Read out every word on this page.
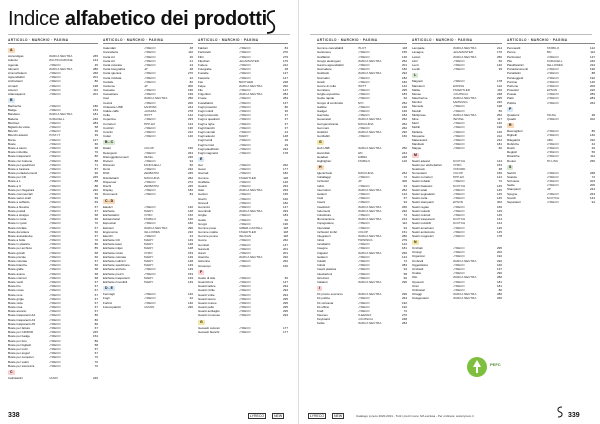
Indice alfabetico dei prodotti
ARTICOLO · MARCHIO · PAGINA
A
Accendigas	MARCA NEUTRA	265
Adesivi	MULTIFUNZIONE	144
Agende	LYRECO	45
Alimenti	MARCA NEUTRA	280
Ammorbidenti	LYRECO	266
Appendiabiti	LYRECO	201
Archiviatori	LYRECO	80
Armadi	LYRECO	198
Astucci	LYRECO	112
Attaccapanni	LYRECO	201
B
Bacheche	LYRECO	180
Badge	LYRECO	154
Bandiere	MARCA NEUTRA	181
Batterie	DURACELL	240
Bicchieri	LYRECO	283
Biglietti da visita	LYRECO	58
Blocchi	LYRECO	36
Blocchi adesivi	POST-IT	39
Borse	LYRECO	127
Buste	LYRECO	66
Buste a sacco	LYRECO	68
Buste imbottite	LYRECO	70
Buste trasparenti	LYRECO	86
Buste con bottone	LYRECO	88
Buste per spedizioni	LYRECO	71
Buste a foratura	LYRECO	87
Buste portadocumenti	LYRECO	90
Buste per CD	LYRECO	245
Buste a L	LYRECO	88
Buste a U	LYRECO	88
Buste per rilegatura	LYRECO	232
Buste commerciali	LYRECO	66
Buste sacco kraft	LYRECO	69
Buste a soffietto	LYRECO	69
Buste a finestra	LYRECO	67
Buste postali	LYRECO	67
Buste a strappo	LYRECO	68
Buste in carta	LYRECO	66
Buste in tyvek	LYRECO	70
Buste riciclate	LYRECO	67
Buste da lettera	LYRECO	66
Buste autoadesive	LYRECO	67
Buste a bolle	LYRECO	70
Buste in plastica	LYRECO	86
Buste per archivio	LYRECO	85
Buste grandi	LYRECO	68
Buste piccole	LYRECO	66
Buste colorate	LYRECO	67
Buste bianche	LYRECO	66
Buste gialle	LYRECO	68
Buste avana	LYRECO	68
Buste marroni	LYRECO	68
Buste verdi	LYRECO	67
Buste blu	LYRECO	67
Buste rosse	LYRECO	67
Buste nere	LYRECO	67
Buste grigie	LYRECO	67
Buste viola	LYRECO	67
Buste rosa	LYRECO	67
Buste arancio	LYRECO	67
Buste trasparenti A4	LYRECO	86
Buste trasparenti A3	LYRECO	86
Buste trasparenti A5	LYRECO	86
Buste per fatture	LYRECO	67
Buste per CD/DVD	LYRECO	245
Buste per badge	LYRECO	154
Buste per foto	LYRECO	86
Buste per biglietti	LYRECO	58
Buste per inviti	LYRECO	67
Buste per auguri	LYRECO	67
Buste per campioni	LYRECO	70
Buste per valori	LYRECO	70
Buste per sicurezza	LYRECO	70
C
Calcolatrici	CASIO	246
ARTICOLO · MARCHIO · PAGINA
Calendari	LYRECO	48
Cancelleria	LYRECO	110
Carta A4	LYRECO	20
Carta A3	LYRECO	21
Carta colorata	LYRECO	24
Carta fotografica	HP	28
Carta igienica	LYRECO	270
Carta riciclata	LYRECO	22
Cartelle	LYRECO	82
Cartucce	HP	300
Cassette	LYRECO	196
Cassettiere	LYRECO	199
Cavi	MARCA NEUTRA	250
Cestini	LYRECO	200
Chiavette USB	SANDISK	244
Cialde caffè	LAVAZZA	278
Colla	PRITT	142
Copertine	LYRECO	233
Correttori	TIPP-EX	124
Cucitrici	LYRECO	136
Cuscini	LYRECO	212
Cutter	LYRECO	140
B - C
Datari	COLOP	150
Detergenti	LYRECO	264
Distruggidocumenti	REXEL	236
Divisori	LYRECO	94
Dizionari	ZANICHELLI	60
Dorsi	LYRECO	232
DVD	VERBATIM	245
Disinfettanti	AMUCHINA	262
Dispenser	LYRECO	272
Dischi	VERBATIM	245
Display	LYRECO	182
Documenti	LYRECO	84
C - D
Elastici	LYRECO	146
Etichette	AVERY	148
Etichettatrici	DYMO	152
Evidenziatori	STABILO	120
Espositori	LYRECO	182
Estintori	MARCA NEUTRA	290
Ergonomia	FELLOWES	210
Elenchi	LYRECO	44
Etichette CD	AVERY	149
Etichette laser	AVERY	148
Etichette inkjet	AVERY	148
Etichette rotolo	DYMO	153
Etichette colorate	AVERY	149
Etichette indirizzi	AVERY	148
Etichette spedizione	AVERY	149
Etichette archivio	LYRECO	149
Etichette prezzi	LYRECO	153
Etichette trasparenti	AVERY	149
Etichette rimovibili	AVERY	149
D - E
Fermagli	LYRECO	146
Fogli	LYRECO	22
Forbici	LYRECO	140
Fotocopiatrici	CANON	230
ARTICOLO · MARCHIO · PAGINA
Faldoni	LYRECO	84
Fazzoletti	LYRECO	270
Filtri	LYRECO	279
Flipchart	LEGAMASTER	176
Fodere	LYRECO	212
Fotografie	LYRECO	28
Fustelle	LYRECO	137
Fascette	LYRECO	147
Fax	BROTHER	228
Felpe	MARCA NEUTRA	292
Filo	LYRECO	147
Frigoriferi	MARCA NEUTRA	284
Fruste	LYRECO	284
Fustellatrici	LYRECO	137
Fogli protettivi	LYRECO	86
Fogli mobili	LYRECO	36
Fogli protocollo	LYRECO	37
Fogli a quadretti	LYRECO	37
Fogli a righe	LYRECO	37
Fogli bianchi	LYRECO	37
Fogli colorati	LYRECO	24
Fogli adesivi	AVERY	148
Fogli lucidi	LYRECO	29
Fogli termici	LYRECO	29
Fogli plastificati	LYRECO	234
Fogli magnetici	LYRECO	178
E
Gel	LYRECO	262
Gessi	LYRECO	177
Giornali	LYRECO	182
Gomme	STAEDTLER	118
Graffette	LYRECO	146
Guanti	LYRECO	294
Gilet	MARCA NEUTRA	293
Gettoni	LYRECO	155
Giochi	LYRECO	160
Girevoli	LYRECO	182
Gommini	LYRECO	147
Grembiuli	MARCA NEUTRA	293
Griglie	LYRECO	183
Guide	LYRECO	60
Gruppi	LYRECO	196
Gomme pane	FABER-CASTELL	118
Gomme matita	STAEDTLER	118
Gomme penna	PELIKAN	118
Gocce	LYRECO	262
Gomitoli	LYRECO	147
Gancetti	LYRECO	201
Ganci	LYRECO	201
Giacche	MARCA NEUTRA	292
Glicerina	LYRECO	262
Giroscopi	LYRECO	160
F
Guide di stile	LYRECO	60
Guarnizioni	LYRECO	147
Guanti lattice	LYRECO	294
Guanti nitrile	LYRECO	294
Guanti vinile	LYRECO	294
Guanti lavoro	LYRECO	295
Guanti cotone	LYRECO	295
Guanti pelle	LYRECO	295
Guanti antitaglio	LYRECO	295
Guanti monouso	LYRECO	294
G
Gessetti colorati	LYRECO	177
Gessetti bianchi	LYRECO	177
338	LYRECO	NEW
ARTICOLO · MARCHIO · PAGINA
Gomme cancellabili	PILOT	118
Gettoniere	LYRECO	155
Graffatrici	LYRECO	136
Gruppi elettrogeni	MARCA NEUTRA	252
Gancio appendiabiti	LYRECO	201
Giornaliere	LYRECO	182
Giubbotti	MARCA NEUTRA	292
Giornalini	LYRECO	182
Girelli	LYRECO	182
Gocce di colla	PRITT	142
Gomitiere	LYRECO	295
Griglie espositive	LYRECO	183
Guide rapide	LYRECO	60
Gruppi di continuità	APC	252
Gabbie	LYRECO	196
Gadget	LYRECO	160
Gazzette	LYRECO	182
Generatori	MARCA NEUTRA	252
Gel igienizzante	AMUCHINA	262
Gel mani	LYRECO	262
Giubbini	MARCA NEUTRA	292
Gonfiabili	LYRECO	160
G
Hub USB	MARCA NEUTRA	250
Hard disk	WD	244
Headset	JABRA	248
Highlighter	STABILO	120
H
Igienizzanti	AMUCHINA	262
Imballaggi	LYRECO	72
Inchiostri	HP	300
Indici	LYRECO	94
Interruttori	MARCA NEUTRA	252
Isolanti	LYRECO	144
Inviti	LYRECO	67
Inserti	LYRECO	94
Insetticidi	MARCA NEUTRA	266
Indumenti	MARCA NEUTRA	292
Imbottiture	LYRECO	72
Illuminazione	MARCA NEUTRA	214
Impugnature	LYRECO	112
Intercalari	LYRECO	94
Inchiostri timbri	COLOP	151
Integratori	MARCA NEUTRA	280
Infusi	TWININGS	279
Incollatrici	LYRECO	142
Insegne	LYRECO	181
Irrigatori	MARCA NEUTRA	266
Isolatori	LYRECO	144
Imballi	LYRECO	72
Imbuti	LYRECO	284
Inserti plastica	LYRECO	94
Intestazioni	LYRECO	58
Istruzioni	LYRECO	60
Inalatori	MARCA NEUTRA	290
I
Kit pronto soccorso	MARCA NEUTRA	290
Kit pulizia	LYRECO	264
Kit scrivania	LYRECO	192
Kit ufficio	LYRECO	192
Kraft	LYRECO	72
Kleenex	KLEENEX	270
Keyboard	LOGITECH	248
Kettle	MARCA NEUTRA	284
ARTICOLO · MARCHIO · PAGINA
Lampade	MARCA NEUTRA	214
Lavagne	LEGAMASTER	176
Lettori	MARCA NEUTRA	250
Libri	LYRECO	60
Lenti	LYRECO	140
Lucidi	LYRECO	29
L
Magneti	LYRECO	178
Marcatori	EDDING	122
Matite	STAEDTLER	116
Mouse	LOGITECH	248
Mascherine	MARCA NEUTRA	295
Monitor	SAMSUNG	246
Mensole	LYRECO	198
Moduli	LYRECO	56
Multiprese	MARCA NEUTRA	252
Mine	PENTEL	117
Metri	LYRECO	140
Mobili	LYRECO	196
Mollette	LYRECO	146
Moquette	LYRECO	212
Materassini	LYRECO	212
Manifesti	LYRECO	181
Mappe	LYRECO	60
M
Nastri adesivi	SCOTCH	144
Nastri per etichettatrici	DYMO	153
Notebook	OXFORD	38
Numeratori	COLOP	150
Nastri correttori	TIPP-EX	124
Nastri imballo	LYRECO	72
Nastri biadesivi	SCOTCH	145
Nastri telati	LYRECO	145
Nastri segnaletici	LYRECO	145
Nastri carta	LYRECO	145
Nastri stampanti	EPSON	302
Nastri regalo	LYRECO	160
Nastri isolanti	LYRECO	145
Nastri colorati	LYRECO	145
Nastri trasparenti	SCOTCH	144
Nastri invisibili	SCOTCH	144
Nastri americani	LYRECO	145
Nastri antiscivolo	LYRECO	145
Nastri magnetici	LYRECO	178
N
Occhiali	LYRECO	295
Orologi	LYRECO	202
Organizer	LYRECO	192
Ombrelli	MARCA NEUTRA	292
Oggettistica	LYRECO	160
Occhielli	LYRECO	137
Ovatta	LYRECO	290
Olio	MARCA NEUTRA	280
Opuscoli	LYRECO	181
Orari	LYRECO	181
Ordinatori	LYRECO	80
Ortaggi	MARCA NEUTRA	280
Ossigenatori	MARCA NEUTRA	266
ARTICOLO · MARCHIO · PAGINA
Pennarelli	STABILO	122
Penne	BIC	112
Perforatori	LYRECO	137
Pile	DURACELL	240
Plastificatrici	FELLOWES	234
Portadocumenti	LYRECO	190
Portalistini	LYRECO	88
Portaoggetti	LYRECO	192
Puntine	LYRECO	146
Poltrone	LYRECO	206
Proiettori	EPSON	226
Posate	LYRECO	283
Piatti	LYRECO	283
Pulizia	LYRECO	264
P
Quaderni	PIGNA	38
Quadri	LYRECO	202
R
Raccoglitori	LYRECO	80
Righelli	LYRECO	140
Rilegatrici	GBC	232
Rubriche	LYRECO	44
Rotoli	LYRECO	29
Registri	LYRECO	56
Ricariche	LYRECO	114
Router	TP-LINK	250
S
Sacchi	LYRECO	268
Scatole	LYRECO	72
Scrivanie	LYRECO	204
Sedie	LYRECO	206
Stampanti	HP	224
Spugne	LYRECO	264
Scotch	SCOTCH	144
Separatori	LYRECO	94
PEFC
LYRECO	NEW	Catalogo Lyreco 2020-2021 - Tutti i prezzi sono IVA esclusa - Per ordinare: www.lyreco.it	339
